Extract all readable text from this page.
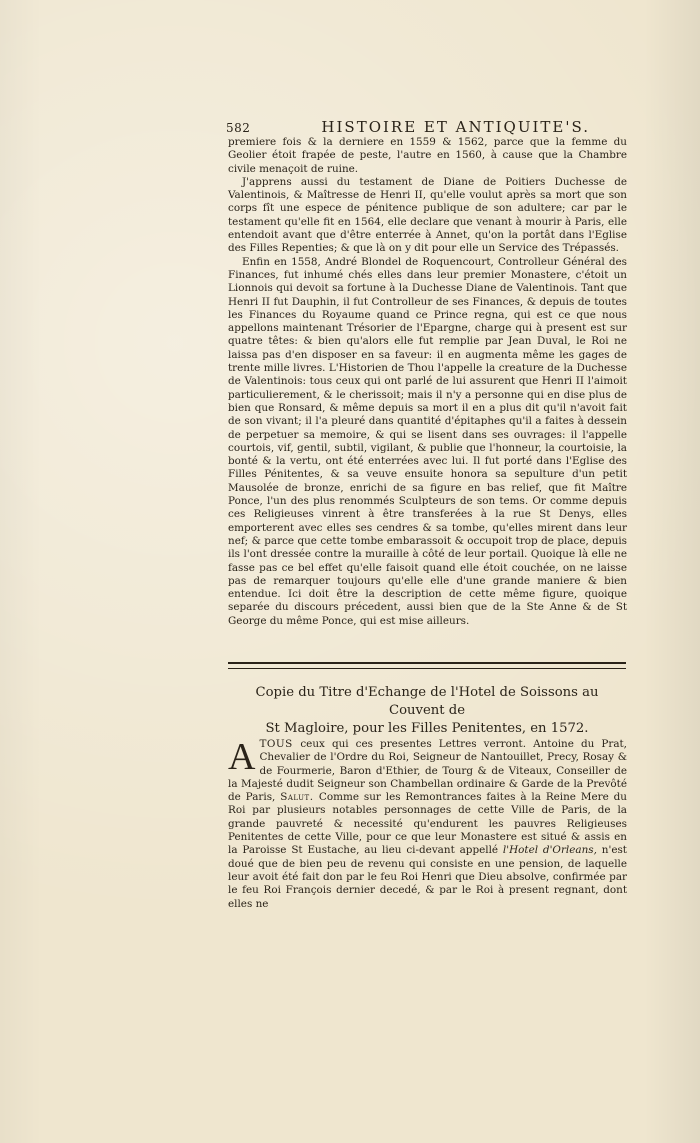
582	HISTOIRE ET ANTIQUITE'S.

premiere fois & la derniere en 1559 & 1562, parce que la femme du Geolier étoit frapée de peste, l'autre en 1560, à cause que la Chambre civile menaçoit de ruine.

J'apprens aussi du testament de Diane de Poitiers Duchesse de Valentinois, & Maîtresse de Henri II, qu'elle voulut après sa mort que son corps fît une espece de pénitence publique de son adultere; car par le testament qu'elle fit en 1564, elle declare que venant à mourir à Paris, elle entendoit avant que d'être enterrée à Annet, qu'on la portât dans l'Eglise des Filles Repenties; & que là on y dit pour elle un Service des Trépassés.

Enfin en 1558, André Blondel de Roquencourt, Controlleur Général des Finances, fut inhumé chés elles dans leur premier Monastere, c'étoit un Lionnois qui devoit sa fortune à la Duchesse Diane de Valentinois. Tant que Henri II fut Dauphin, il fut Controlleur de ses Finances, & depuis de toutes les Finances du Royaume quand ce Prince regna, qui est ce que nous appellons maintenant Trésorier de l'Epargne, charge qui à present est sur quatre têtes: & bien qu'alors elle fut remplie par Jean Duval, le Roi ne laissa pas d'en disposer en sa faveur: il en augmenta même les gages de trente mille livres. L'Historien de Thou l'appelle la creature de la Duchesse de Valentinois: tous ceux qui ont parlé de lui assurent que Henri II l'aimoit particulierement, & le cherissoit; mais il n'y a personne qui en dise plus de bien que Ronsard, & même depuis sa mort il en a plus dit qu'il n'avoit fait de son vivant; il l'a pleuré dans quantité d'épitaphes qu'il a faites à dessein de perpetuer sa memoire, & qui se lisent dans ses ouvrages: il l'appelle courtois, vif, gentil, subtil, vigilant, & publie que l'honneur, la courtoisie, la bonté & la vertu, ont été enterrées avec lui. Il fut porté dans l'Eglise des Filles Pénitentes, & sa veuve ensuite honora sa sepulture d'un petit Mausolée de bronze, enrichi de sa figure en bas relief, que fit Maître Ponce, l'un des plus renommés Sculpteurs de son tems. Or comme depuis ces Religieuses vinrent à être transferées à la rue St Denys, elles emporterent avec elles ses cendres & sa tombe, qu'elles mirent dans leur nef; & parce que cette tombe embarassoit & occupoit trop de place, depuis ils l'ont dressée contre la muraille à côté de leur portail. Quoique là elle ne fasse pas ce bel effet qu'elle faisoit quand elle étoit couchée, on ne laisse pas de remarquer toujours qu'elle elle d'une grande maniere & bien entendue. Ici doit être la description de cette même figure, quoique separée du discours précedent, aussi bien que de la Ste Anne & de St George du même Ponce, qui est mise ailleurs.

Copie du Titre d'Echange de l'Hotel de Soissons au Couvent de
St Magloire, pour les Filles Penitentes, en 1572.
A TOUS ceux qui ces presentes Lettres verront. Antoine du Prat, Chevalier de l'Ordre du Roi, Seigneur de Nantouillet, Precy, Rosay & de Fourmerie, Baron d'Ethier, de Tourg & de Viteaux, Conseiller de la Majesté dudit Seigneur son Chambellan ordinaire & Garde de la Prevôté de Paris, Salut. Comme sur les Remontrances faites à la Reine Mere du Roi par plusieurs notables personnages de cette Ville de Paris, de la grande pauvreté & necessité qu'endurent les pauvres Religieuses Penitentes de cette Ville, pour ce que leur Monastere est situé & assis en la Paroisse St Eustache, au lieu ci-devant appellé l'Hotel d'Orleans, n'est doué que de bien peu de revenu qui consiste en une pension, de laquelle leur avoit été fait don par le feu Roi Henri que Dieu absolve, confirmée par le feu Roi François dernier decedé, & par le Roi à present regnant, dont elles ne
